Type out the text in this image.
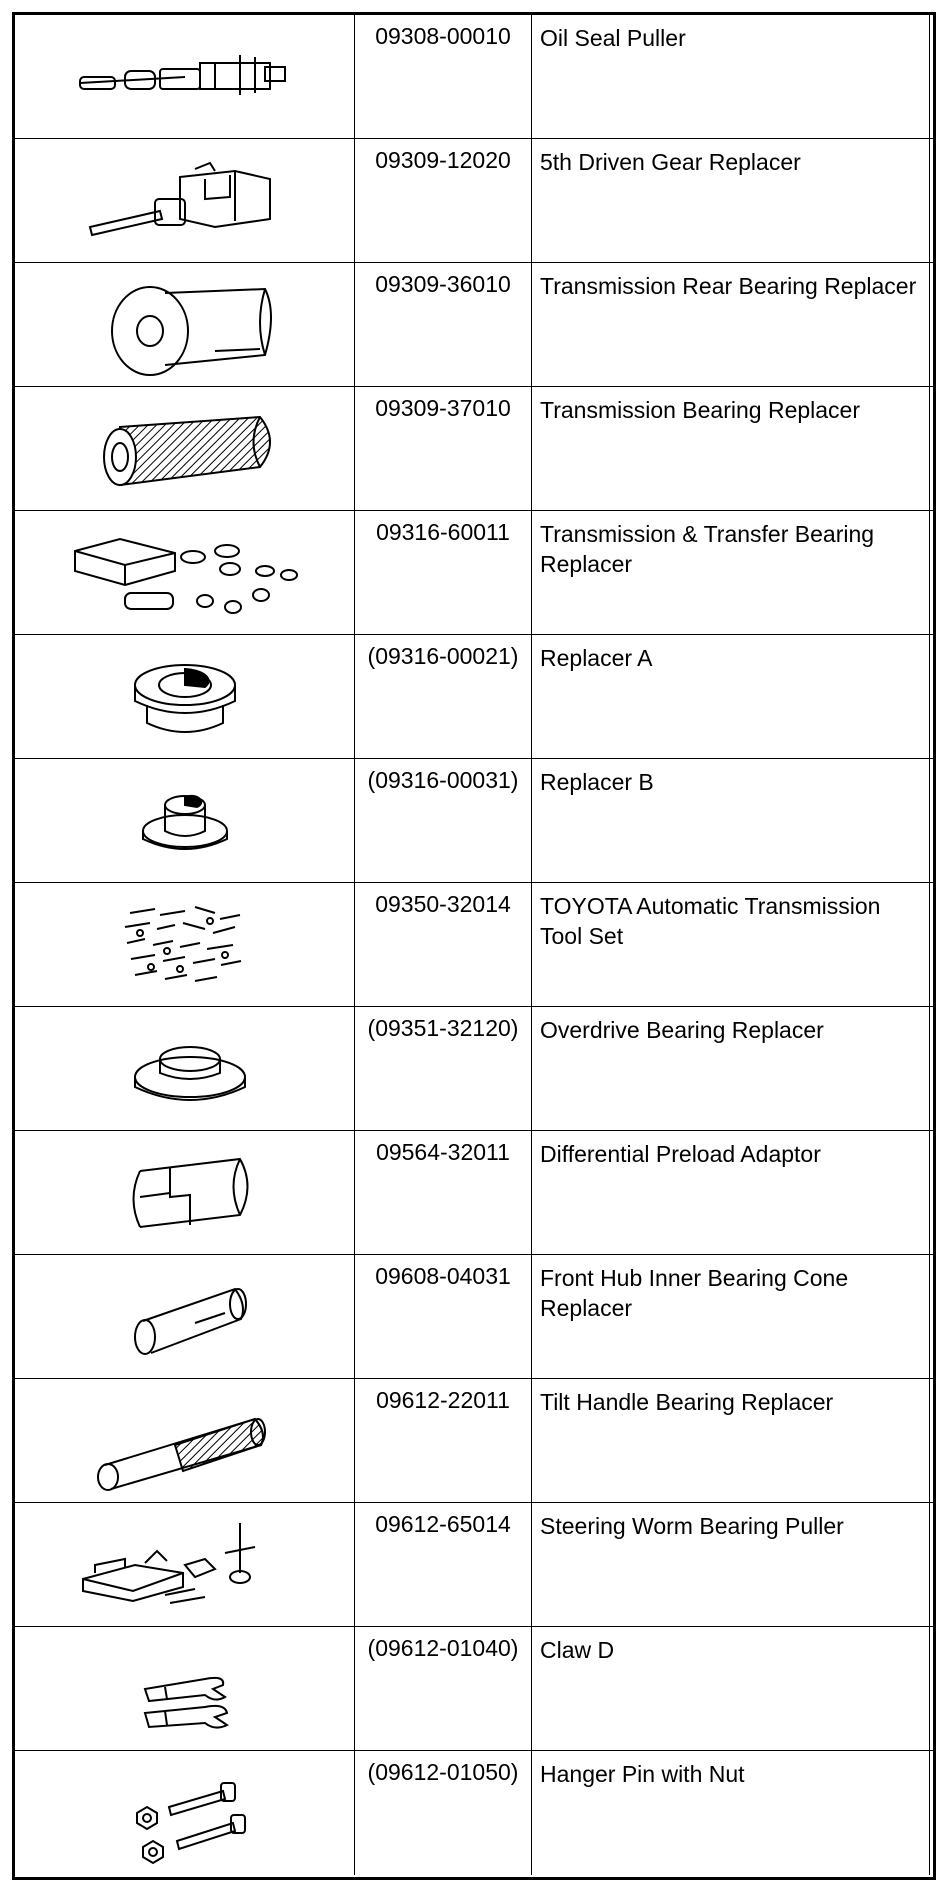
09308-00010	Oil Seal Puller
09309-12020	5th Driven Gear Replacer
09309-36010	Transmission Rear Bearing Replacer
09309-37010	Transmission Bearing Replacer
09316-60011	Transmission & Transfer Bearing Replacer
(09316-00021) Replacer A
(09316-00031) Replacer B
09350-32014	TOYOTA Automatic Transmission Tool Set
(09351-32120) Overdrive Bearing Replacer
09564-32011	Differential Preload Adaptor
09608-04031	Front Hub Inner Bearing Cone Replacer
09612-22011	Tilt Handle Bearing Replacer
09612-65014	Steering Worm Bearing Puller
(09612-01040) Claw D
(09612-01050) Hanger Pin with Nut
